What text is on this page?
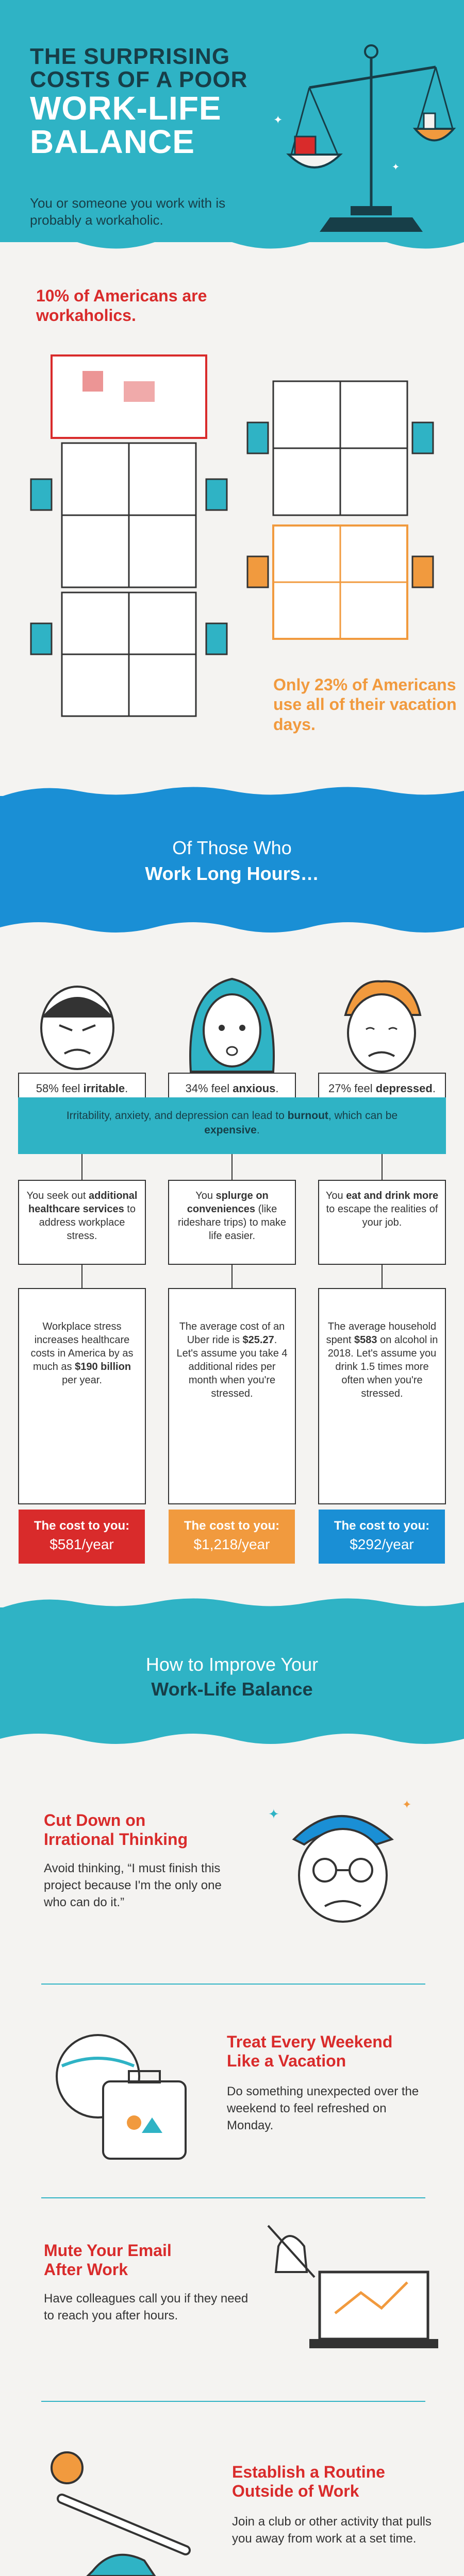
THE SURPRISING
COSTS OF A POOR
WORK-LIFE
BALANCE
You or someone you work with is probably a workaholic.
✦
✦
10% of Americans are workaholics.
Only 23% of Americans use all of their vacation days.
Of Those Who
Work Long Hours…
58% feel irritable.	34% feel anxious.	27% feel depressed.
Irritability, anxiety, and depression can lead to burnout, which can be expensive.
You seek out additional healthcare services to address workplace stress.
You splurge on conveniences (like rideshare trips) to make life easier.
You eat and drink more to escape the realities of your job.
Workplace stress increases healthcare costs in America by as much as $190 billion per year.
The average cost of an Uber ride is $25.27. Let's assume you take 4 additional rides per month when you're stressed.
The average household spent $583 on alcohol in 2018. Let's assume you drink 1.5 times more often when you're stressed.
The cost to you:
$581/year
The cost to you:
$1,218/year
The cost to you:
$292/year
How to Improve Your
Work-Life Balance
Cut Down on
Irrational Thinking
Avoid thinking, “I must finish this project because I'm the only one who can do it.”
✦
✦
Treat Every Weekend
Like a Vacation
Do something unexpected over the weekend to feel refreshed on Monday.
Mute Your Email
After Work
Have colleagues call you if they need to reach you after hours.
Establish a Routine
Outside of Work
Join a club or other activity that pulls you away from work at a set time.
